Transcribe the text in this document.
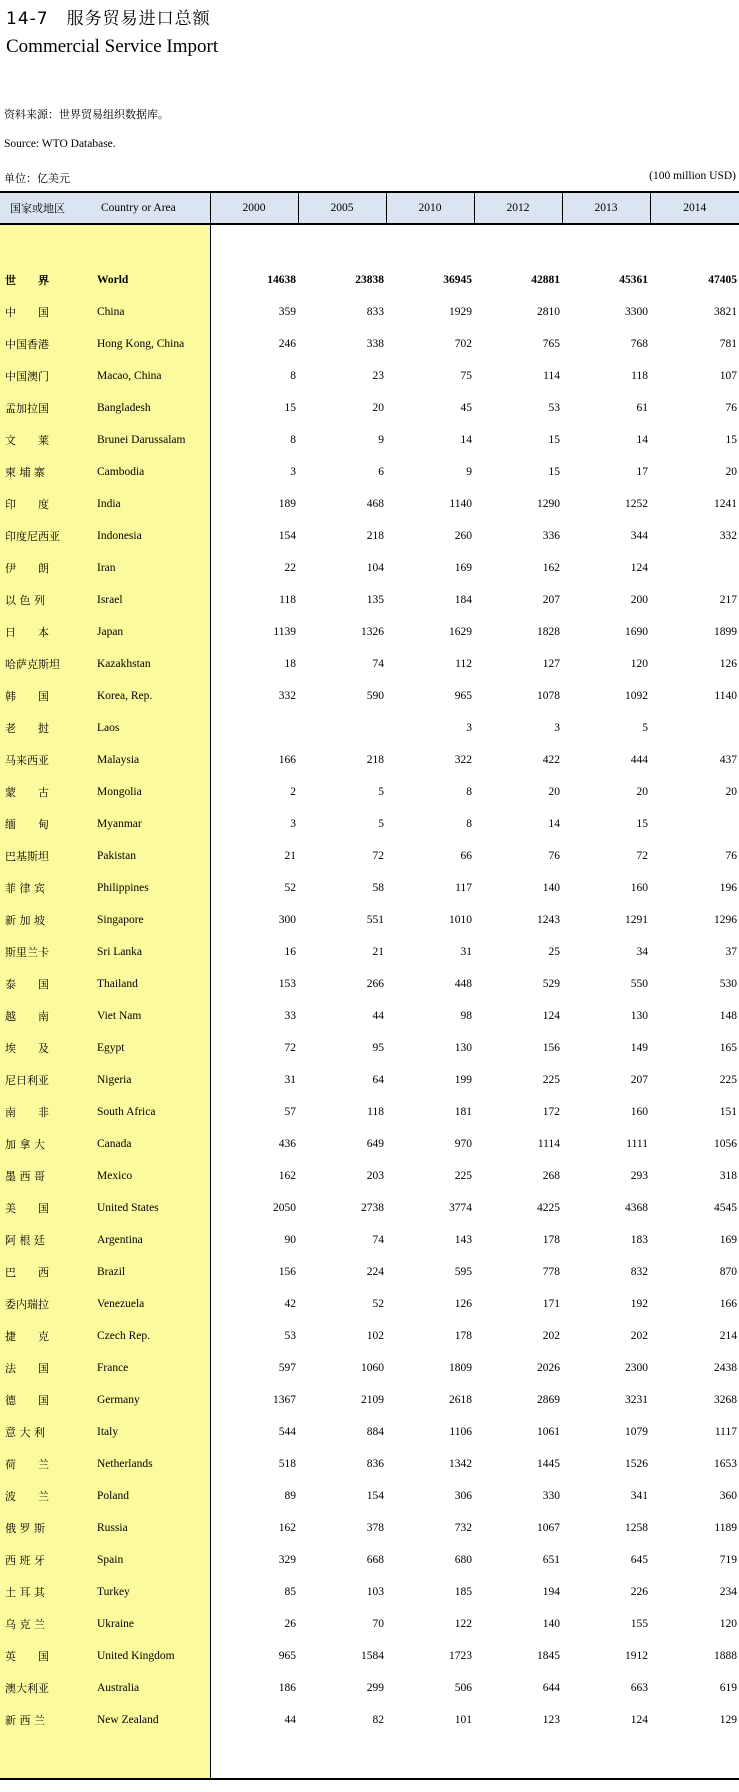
14-7　服务贸易进口总额
Commercial Service Import
资料来源：世界贸易组织数据库。
Source: WTO Database.
单位：亿美元	(100 million USD)
国家或地区	Country or Area	2000	2005	2010	2012	2013	2014

世　　界	World	14638	23838	36945	42881	45361	47405
中　　国	China	359	833	1929	2810	3300	3821
中国香港	Hong Kong, China	246	338	702	765	768	781
中国澳门	Macao, China	8	23	75	114	118	107
孟加拉国	Bangladesh	15	20	45	53	61	76
文　　莱	Brunei Darussalam	8	9	14	15	14	15
柬 埔 寨	Cambodia	3	6	9	15	17	20
印　　度	India	189	468	1140	1290	1252	1241
印度尼西亚	Indonesia	154	218	260	336	344	332
伊　　朗	Iran	22	104	169	162	124	
以 色 列	Israel	118	135	184	207	200	217
日　　本	Japan	1139	1326	1629	1828	1690	1899
哈萨克斯坦	Kazakhstan	18	74	112	127	120	126
韩　　国	Korea, Rep.	332	590	965	1078	1092	1140
老　　挝	Laos			3	3	5	
马来西亚	Malaysia	166	218	322	422	444	437
蒙　　古	Mongolia	2	5	8	20	20	20
缅　　甸	Myanmar	3	5	8	14	15	
巴基斯坦	Pakistan	21	72	66	76	72	76
菲 律 宾	Philippines	52	58	117	140	160	196
新 加 坡	Singapore	300	551	1010	1243	1291	1296
斯里兰卡	Sri Lanka	16	21	31	25	34	37
泰　　国	Thailand	153	266	448	529	550	530
越　　南	Viet Nam	33	44	98	124	130	148
埃　　及	Egypt	72	95	130	156	149	165
尼日利亚	Nigeria	31	64	199	225	207	225
南　　非	South Africa	57	118	181	172	160	151
加 拿 大	Canada	436	649	970	1114	1111	1056
墨 西 哥	Mexico	162	203	225	268	293	318
美　　国	United States	2050	2738	3774	4225	4368	4545
阿 根 廷	Argentina	90	74	143	178	183	169
巴　　西	Brazil	156	224	595	778	832	870
委内瑞拉	Venezuela	42	52	126	171	192	166
捷　　克	Czech Rep.	53	102	178	202	202	214
法　　国	France	597	1060	1809	2026	2300	2438
德　　国	Germany	1367	2109	2618	2869	3231	3268
意 大 利	Italy	544	884	1106	1061	1079	1117
荷　　兰	Netherlands	518	836	1342	1445	1526	1653
波　　兰	Poland	89	154	306	330	341	360
俄 罗 斯	Russia	162	378	732	1067	1258	1189
西 班 牙	Spain	329	668	680	651	645	719
土 耳 其	Turkey	85	103	185	194	226	234
乌 克 兰	Ukraine	26	70	122	140	155	120
英　　国	United Kingdom	965	1584	1723	1845	1912	1888
澳大利亚	Australia	186	299	506	644	663	619
新 西 兰	New Zealand	44	82	101	123	124	129
